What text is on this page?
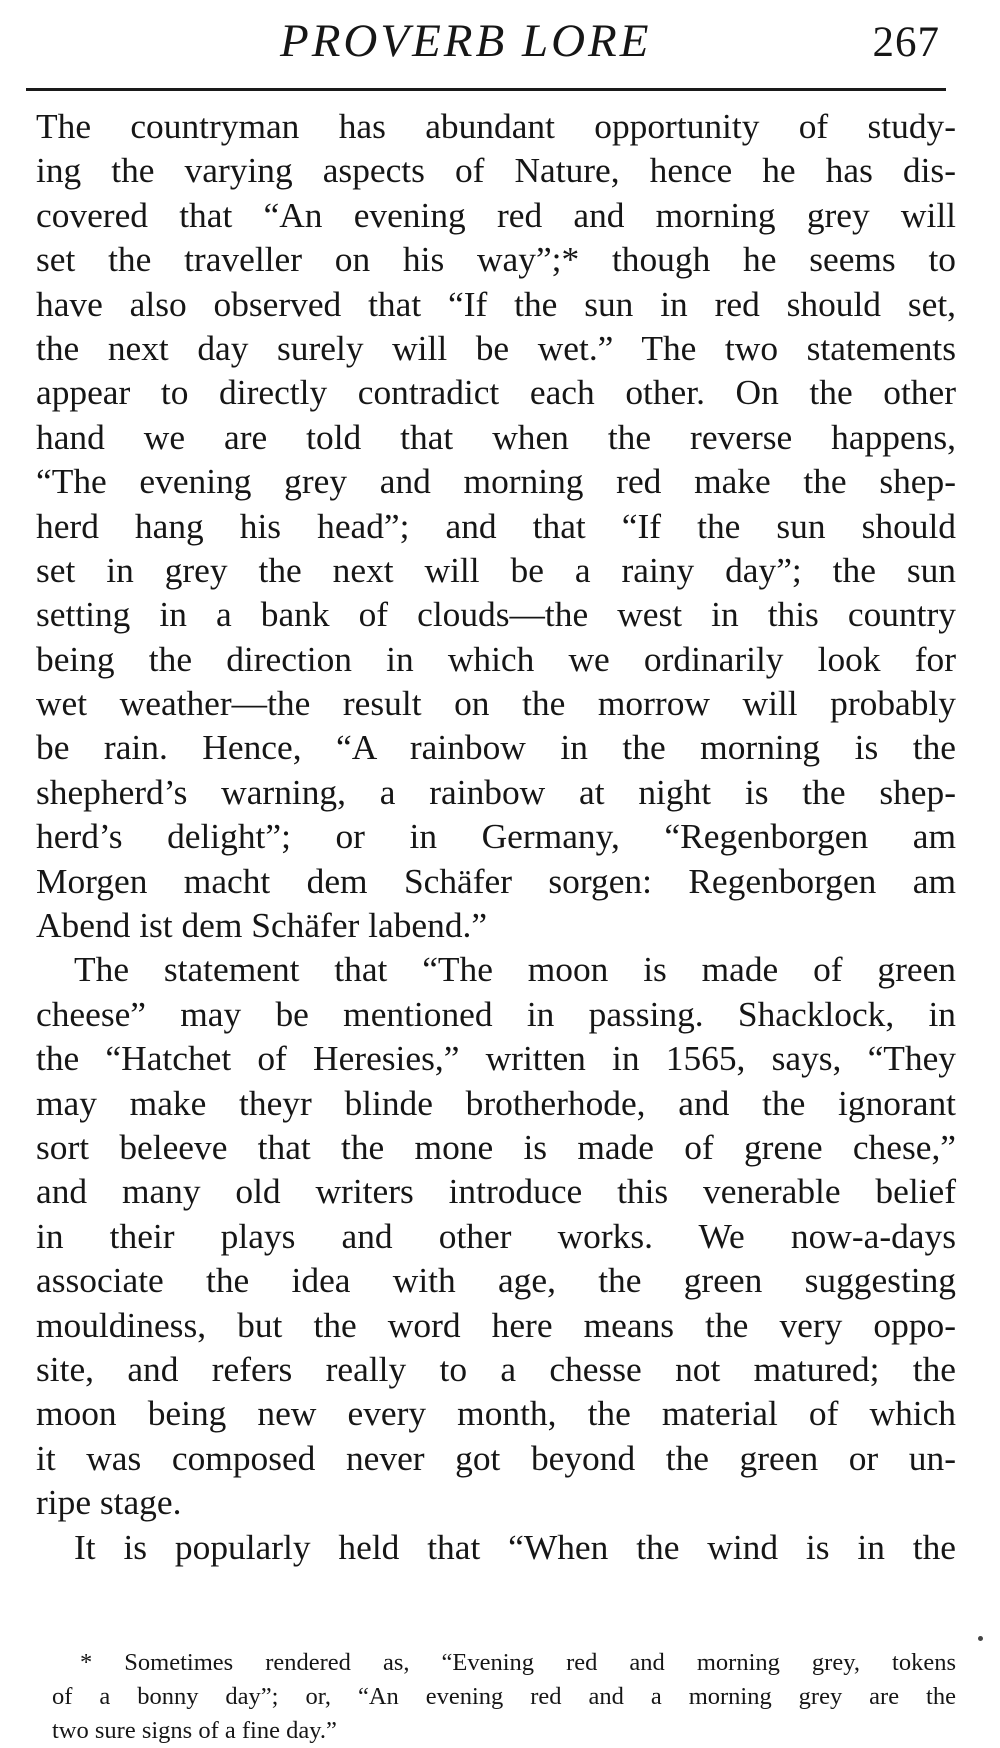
PROVERB LORE	267
The countryman has abundant opportunity of study-
ing the varying aspects of Nature, hence he has dis-
covered that “An evening red and morning grey will
set the traveller on his way”;* though he seems to
have also observed that “If the sun in red should set,
the next day surely will be wet.” The two statements
appear to directly contradict each other. On the other
hand we are told that when the reverse happens,
“The evening grey and morning red make the shep-
herd hang his head”; and that “If the sun should
set in grey the next will be a rainy day”; the sun
setting in a bank of clouds—the west in this country
being the direction in which we ordinarily look for
wet weather—the result on the morrow will probably
be rain. Hence, “A rainbow in the morning is the
shepherd’s warning, a rainbow at night is the shep-
herd’s delight”; or in Germany, “Regenborgen am
Morgen macht dem Schäfer sorgen: Regenborgen am
Abend ist dem Schäfer labend.”
The statement that “The moon is made of green
cheese” may be mentioned in passing. Shacklock, in
the “Hatchet of Heresies,” written in 1565, says, “They
may make theyr blinde brotherhode, and the ignorant
sort beleeve that the mone is made of grene chese,”
and many old writers introduce this venerable belief
in their plays and other works. We now-a-days
associate the idea with age, the green suggesting
mouldiness, but the word here means the very oppo-
site, and refers really to a chesse not matured; the
moon being new every month, the material of which
it was composed never got beyond the green or un-
ripe stage.
It is popularly held that “When the wind is in the
* Sometimes rendered as, “Evening red and morning grey, tokens
of a bonny day”; or, “An evening red and a morning grey are the
two sure signs of a fine day.”
